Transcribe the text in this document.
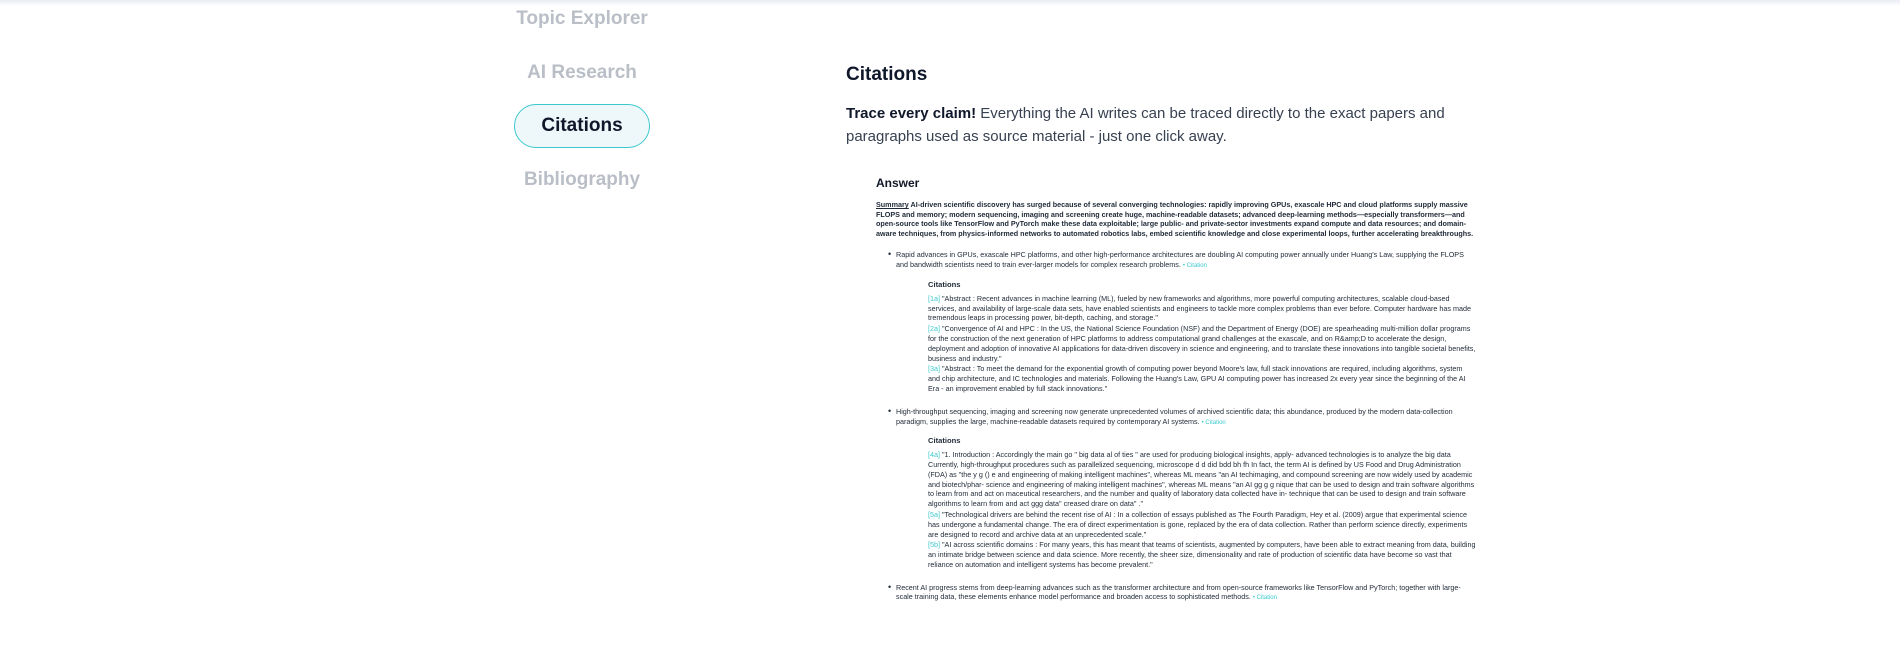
Topic Explorer
AI Research
Citations
Bibliography
Citations

Trace every claim! Everything the AI writes can be traced directly to the exact papers and paragraphs used as source material - just one click away.

Answer
Summary AI-driven scientific discovery has surged because of several converging technologies: rapidly improving GPUs, exascale HPC and cloud platforms supply massive FLOPS and memory; modern sequencing, imaging and screening create huge, machine-readable datasets; advanced deep-learning methods—especially transformers—and open-source tools like TensorFlow and PyTorch make these data exploitable; large public- and private-sector investments expand compute and data resources; and domain-aware techniques, from physics-informed networks to automated robotics labs, embed scientific knowledge and close experimental loops, further accelerating breakthroughs.
• Rapid advances in GPUs, exascale HPC platforms, and other high-performance architectures are doubling AI computing power annually under Huang's Law, supplying the FLOPS and bandwidth scientists need to train ever-larger models for complex research problems. • Citation
Citations
[1a] "Abstract : Recent advances in machine learning (ML), fueled by new frameworks and algorithms, more powerful computing architectures, scalable cloud-based services, and availability of large-scale data sets, have enabled scientists and engineers to tackle more complex problems than ever before. Computer hardware has made tremendous leaps in processing power, bit-depth, caching, and storage."
[2a] "Convergence of AI and HPC : In the US, the National Science Foundation (NSF) and the Department of Energy (DOE) are spearheading multi-million dollar programs for the construction of the next generation of HPC platforms to address computational grand challenges at the exascale, and on R&amp;D to accelerate the design, deployment and adoption of innovative AI applications for data-driven discovery in science and engineering, and to translate these innovations into tangible societal benefits, business and industry."
[3a] "Abstract : To meet the demand for the exponential growth of computing power beyond Moore's law, full stack innovations are required, including algorithms, system and chip architecture, and IC technologies and materials. Following the Huang's Law, GPU AI computing power has increased 2x every year since the beginning of the AI Era - an improvement enabled by full stack innovations."
• High-throughput sequencing, imaging and screening now generate unprecedented volumes of archived scientific data; this abundance, produced by the modern data-collection paradigm, supplies the large, machine-readable datasets required by contemporary AI systems. • Citation
Citations
[4a] "1. Introduction : Accordingly the main go " big data al of ties " are used for producing biological insights, apply- advanced technologies is to analyze the big data Currently, high-throughput procedures such as parallelized sequencing, microscope d d did bdd bh fh In fact, the term AI is defined by US Food and Drug Administration (FDA) as "the y g () e and engineering of making intelligent machines", whereas ML means "an AI techimaging, and compound screening are now widely used by academic and biotech/phar- science and engineering of making intelligent machines", whereas ML means "an AI gg g g nique that can be used to design and train software algorithms to learn from and act on maceutical researchers, and the number and quality of laboratory data collected have in- technique that can be used to design and train software algorithms to learn from and act ggg data" creased drare on data" ."
[5a] "Technological drivers are behind the recent rise of AI : In a collection of essays published as The Fourth Paradigm, Hey et al. (2009) argue that experimental science has undergone a fundamental change. The era of direct experimentation is gone, replaced by the era of data collection. Rather than perform science directly, experiments are designed to record and archive data at an unprecedented scale."
[5b] "AI across scientific domains : For many years, this has meant that teams of scientists, augmented by computers, have been able to extract meaning from data, building an intimate bridge between science and data science. More recently, the sheer size, dimensionality and rate of production of scientific data have become so vast that reliance on automation and intelligent systems has become prevalent."
• Recent AI progress stems from deep-learning advances such as the transformer architecture and from open-source frameworks like TensorFlow and PyTorch; together with large-scale training data, these elements enhance model performance and broaden access to sophisticated methods. • Citation
